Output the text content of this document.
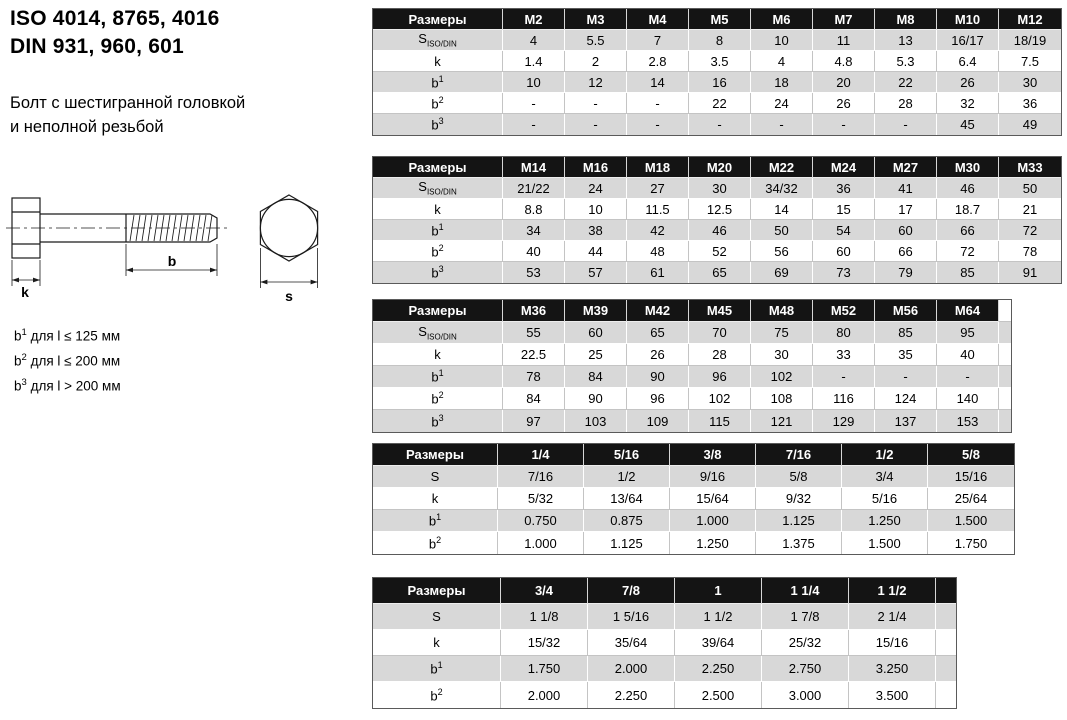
ISO 4014, 8765, 4016
DIN 931, 960, 601
Болт с шестигранной головкой
и неполной резьбой
k
b
s
$b^1$ для l ≤ 125 мм
$b^2$ для l ≤ 200 мм
$b^3$ для l > 200 мм
Размеры	M2	M3	M4	M5	M6	M7	M8	M10	M12
$S_{ISO/DIN}$	4	5.5	7	8	10	11	13	16/17	18/19
k	1.4	2	2.8	3.5	4	4.8	5.3	6.4	7.5
$b^1$	10	12	14	16	18	20	22	26	30
$b^2$	-	-	-	22	24	26	28	32	36
$b^3$	-	-	-	-	-	-	-	45	49
Размеры	M14	M16	M18	M20	M22	M24	M27	M30	M33
$S_{ISO/DIN}$	21/22	24	27	30	34/32	36	41	46	50
k	8.8	10	11.5	12.5	14	15	17	18.7	21
$b^1$	34	38	42	46	50	54	60	66	72
$b^2$	40	44	48	52	56	60	66	72	78
$b^3$	53	57	61	65	69	73	79	85	91
Размеры	M36	M39	M42	M45	M48	M52	M56	M64	
$S_{ISO/DIN}$	55	60	65	70	75	80	85	95	
k	22.5	25	26	28	30	33	35	40	
$b^1$	78	84	90	96	102	-	-	-	
$b^2$	84	90	96	102	108	116	124	140	
$b^3$	97	103	109	115	121	129	137	153	
Размеры	1/4	5/16	3/8	7/16	1/2	5/8
S	7/16	1/2	9/16	5/8	3/4	15/16
k	5/32	13/64	15/64	9/32	5/16	25/64
$b^1$	0.750	0.875	1.000	1.125	1.250	1.500
$b^2$	1.000	1.125	1.250	1.375	1.500	1.750
Размеры	3/4	7/8	1	1 1/4	1 1/2	
S	1 1/8	1 5/16	1 1/2	1 7/8	2 1/4	
k	15/32	35/64	39/64	25/32	15/16	
$b^1$	1.750	2.000	2.250	2.750	3.250	
$b^2$	2.000	2.250	2.500	3.000	3.500	
